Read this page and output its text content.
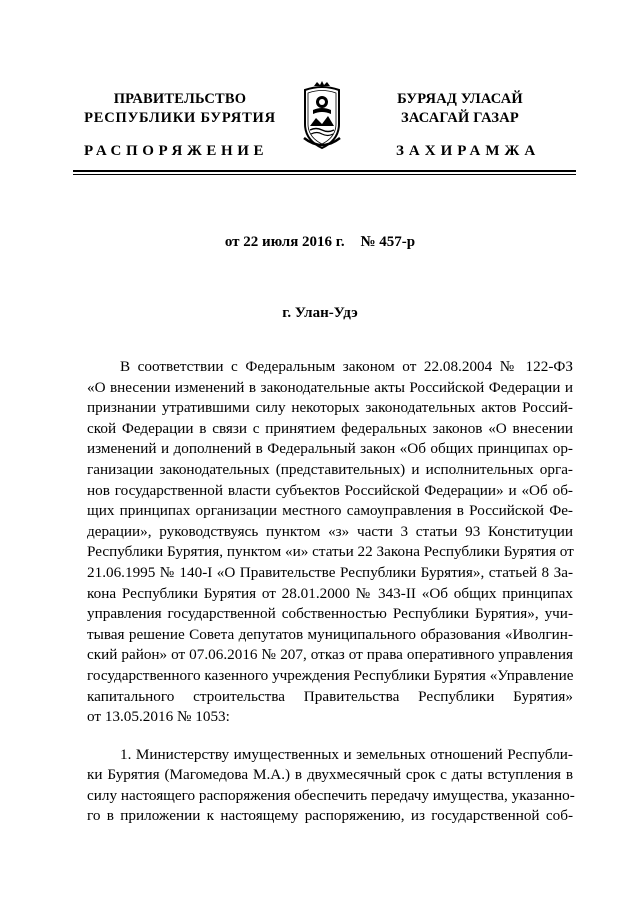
ПРАВИТЕЛЬСТВО
РЕСПУБЛИКИ БУРЯТИЯ
БУРЯАД УЛАСАЙ
ЗАСАГАЙ ГАЗАР
РАСПОРЯЖЕНИЕ	ЗАХИРАМЖА
от 22 июля 2016 г. № 457-р
г. Улан-Удэ
В соответствии с Федеральным законом от 22.08.2004 № 122-ФЗ
«О внесении изменений в законодательные акты Российской Федерации и
признании утратившими силу некоторых законодательных актов Россий-
ской Федерации в связи с принятием федеральных законов «О внесении
изменений и дополнений в Федеральный закон «Об общих принципах ор-
ганизации законодательных (представительных) и исполнительных орга-
нов государственной власти субъектов Российской Федерации» и «Об об-
щих принципах организации местного самоуправления в Российской Фе-
дерации», руководствуясь пунктом «з» части 3 статьи 93 Конституции
Республики Бурятия, пунктом «и» статьи 22 Закона Республики Бурятия от
21.06.1995 № 140-I «О Правительстве Республики Бурятия», статьей 8 За-
кона Республики Бурятия от 28.01.2000 № 343-II «Об общих принципах
управления государственной собственностью Республики Бурятия», учи-
тывая решение Совета депутатов муниципального образования «Иволгин-
ский район» от 07.06.2016 № 207, отказ от права оперативного управления
государственного казенного учреждения Республики Бурятия «Управление
капитального строительства Правительства Республики Бурятия»
от 13.05.2016 № 1053:
1. Министерству имущественных и земельных отношений Республи-
ки Бурятия (Магомедова М.А.) в двухмесячный срок с даты вступления в
силу настоящего распоряжения обеспечить передачу имущества, указанно-
го в приложении к настоящему распоряжению, из государственной соб-
